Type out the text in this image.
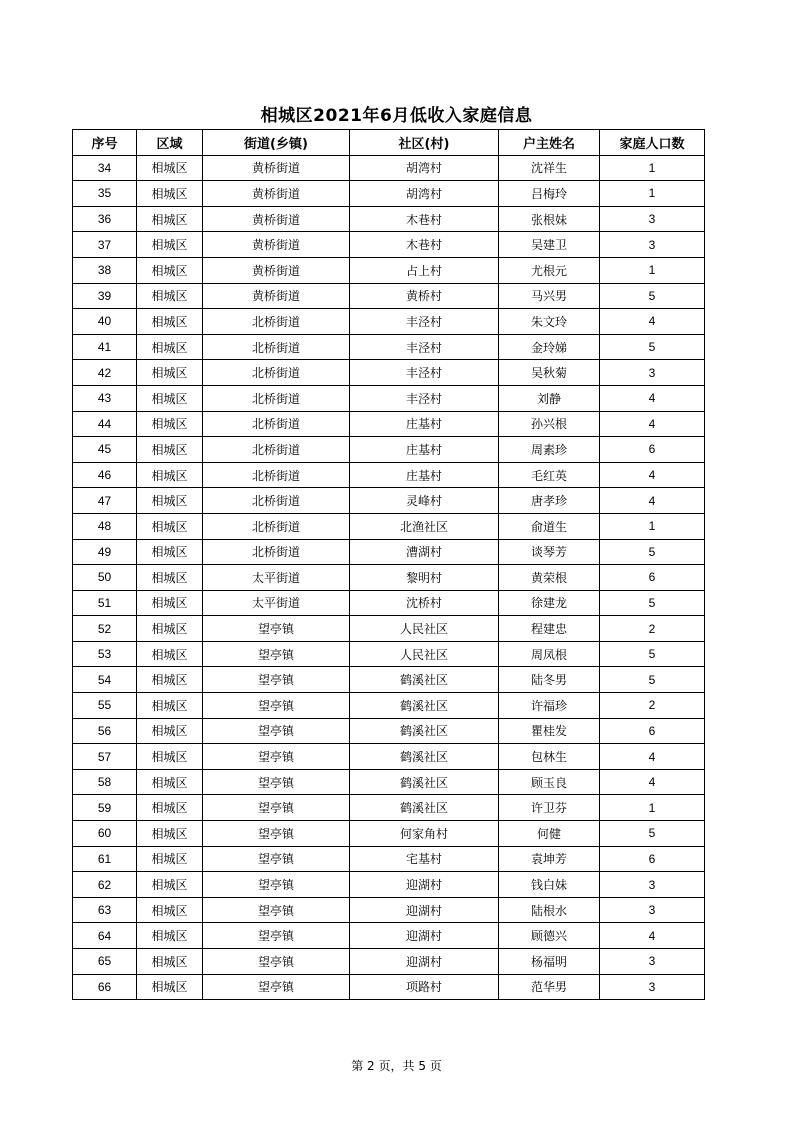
相城区2021年6月低收入家庭信息
序号	区域	街道(乡镇)	社区(村)	户主姓名	家庭人口数
34	相城区	黄桥街道	胡湾村	沈祥生	1
35	相城区	黄桥街道	胡湾村	吕梅玲	1
36	相城区	黄桥街道	木巷村	张根妹	3
37	相城区	黄桥街道	木巷村	吴建卫	3
38	相城区	黄桥街道	占上村	尤根元	1
39	相城区	黄桥街道	黄桥村	马兴男	5
40	相城区	北桥街道	丰泾村	朱文玲	4
41	相城区	北桥街道	丰泾村	金玲娣	5
42	相城区	北桥街道	丰泾村	吴秋菊	3
43	相城区	北桥街道	丰泾村	刘静	4
44	相城区	北桥街道	庄基村	孙兴根	4
45	相城区	北桥街道	庄基村	周素珍	6
46	相城区	北桥街道	庄基村	毛红英	4
47	相城区	北桥街道	灵峰村	唐孝珍	4
48	相城区	北桥街道	北渔社区	俞道生	1
49	相城区	北桥街道	漕湖村	谈琴芳	5
50	相城区	太平街道	黎明村	黄荣根	6
51	相城区	太平街道	沈桥村	徐建龙	5
52	相城区	望亭镇	人民社区	程建忠	2
53	相城区	望亭镇	人民社区	周凤根	5
54	相城区	望亭镇	鹤溪社区	陆冬男	5
55	相城区	望亭镇	鹤溪社区	许福珍	2
56	相城区	望亭镇	鹤溪社区	瞿桂发	6
57	相城区	望亭镇	鹤溪社区	包林生	4
58	相城区	望亭镇	鹤溪社区	顾玉良	4
59	相城区	望亭镇	鹤溪社区	许卫芬	1
60	相城区	望亭镇	何家角村	何健	5
61	相城区	望亭镇	宅基村	袁坤芳	6
62	相城区	望亭镇	迎湖村	钱白妹	3
63	相城区	望亭镇	迎湖村	陆根水	3
64	相城区	望亭镇	迎湖村	顾德兴	4
65	相城区	望亭镇	迎湖村	杨福明	3
66	相城区	望亭镇	项路村	范华男	3
第 2 页，共 5 页
